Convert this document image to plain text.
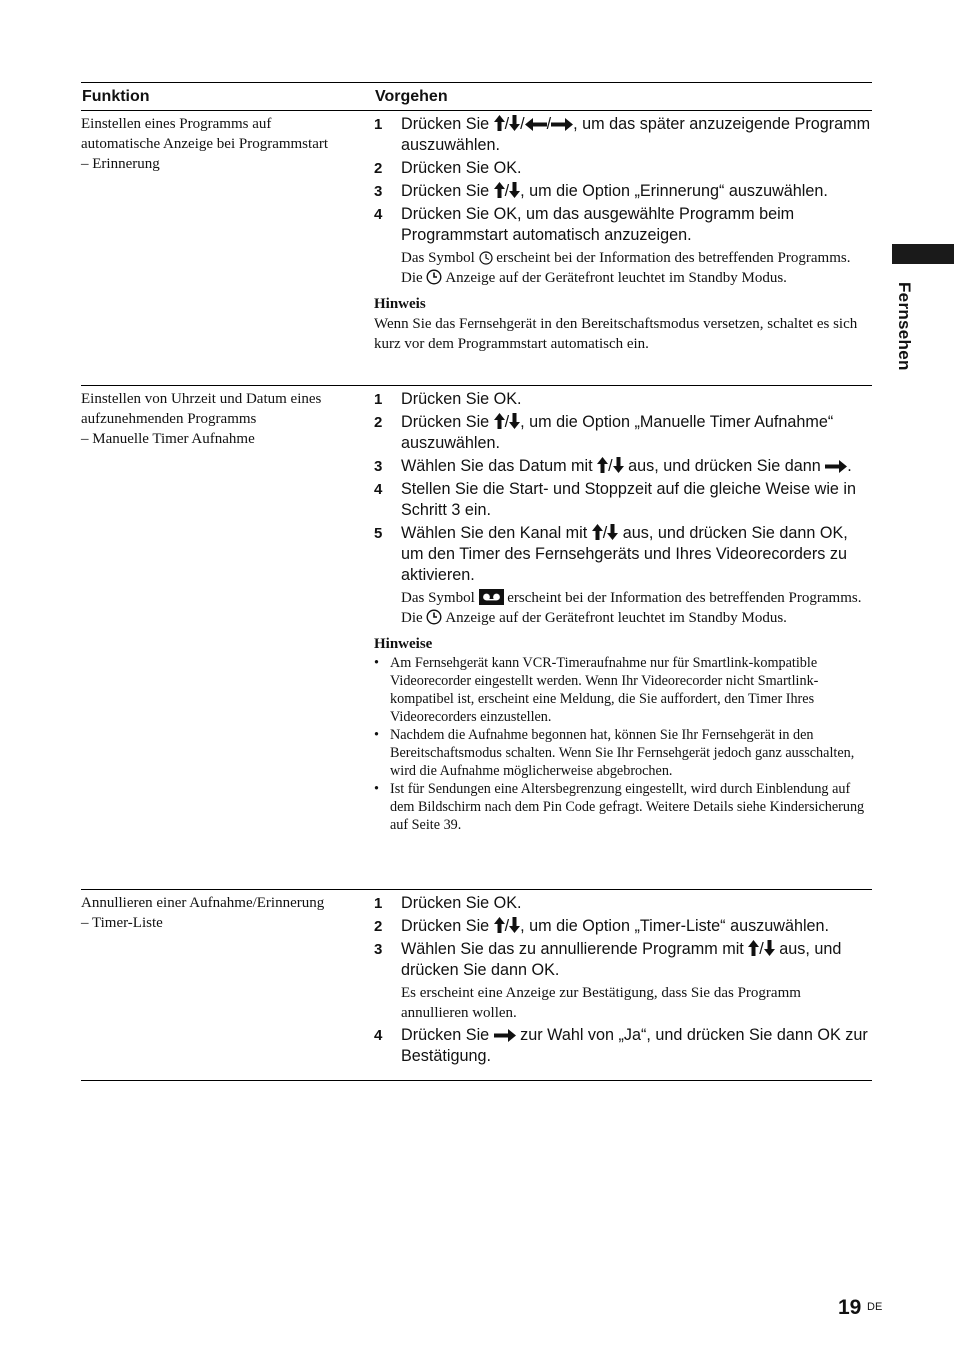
Fernsehen
Funktion	Vorgehen
Einstellen eines Programms auf
automatische Anzeige bei Programmstart
– Erinnerung
1	Drücken Sie / / / , um das später anzuzeigende Programm auszuwählen.
2	Drücken Sie OK.
3	Drücken Sie / , um die Option „Erinnerung“ auszuwählen.
4	Drücken Sie OK, um das ausgewählte Programm beim Programmstart automatisch anzuzeigen.
Das Symbol  erscheint bei der Information des betreffenden Programms. Die  Anzeige auf der Gerätefront leuchtet im Standby Modus.
Hinweis
Wenn Sie das Fernsehgerät in den Bereitschaftsmodus versetzen, schaltet es sich kurz vor dem Programmstart automatisch ein.
Einstellen von Uhrzeit und Datum eines
aufzunehmenden Programms
– Manuelle Timer Aufnahme
1	Drücken Sie OK.
2	Drücken Sie / , um die Option „Manuelle Timer Aufnahme“ auszuwählen.
3	Wählen Sie das Datum mit / aus, und drücken Sie dann .
4	Stellen Sie die Start- und Stoppzeit auf die gleiche Weise wie in Schritt 3 ein.
5	Wählen Sie den Kanal mit / aus, und drücken Sie dann OK, um den Timer des Fernsehgeräts und Ihres Videorecorders zu aktivieren.
Das Symbol  erscheint bei der Information des betreffenden Programms. Die  Anzeige auf der Gerätefront leuchtet im Standby Modus.
Hinweise
• Am Fernsehgerät kann VCR-Timeraufnahme nur für Smartlink-kompatible Videorecorder eingestellt werden. Wenn Ihr Videorecorder nicht Smartlink-kompatibel ist, erscheint eine Meldung, die Sie auffordert, den Timer Ihres Videorecorders einzustellen.
• Nachdem die Aufnahme begonnen hat, können Sie Ihr Fernsehgerät in den Bereitschaftsmodus schalten. Wenn Sie Ihr Fernsehgerät jedoch ganz ausschalten, wird die Aufnahme möglicherweise abgebrochen.
• Ist für Sendungen eine Altersbegrenzung eingestellt, wird durch Einblendung auf dem Bildschirm nach dem Pin Code gefragt. Weitere Details siehe Kindersicherung auf Seite 39.
Annullieren einer Aufnahme/Erinnerung
– Timer-Liste
1	Drücken Sie OK.
2	Drücken Sie / , um die Option „Timer-Liste“ auszuwählen.
3	Wählen Sie das zu annullierende Programm mit / aus, und drücken Sie dann OK.
Es erscheint eine Anzeige zur Bestätigung, dass Sie das Programm annullieren wollen.
4	Drücken Sie  zur Wahl von „Ja“, und drücken Sie dann OK zur Bestätigung.
19 DE
